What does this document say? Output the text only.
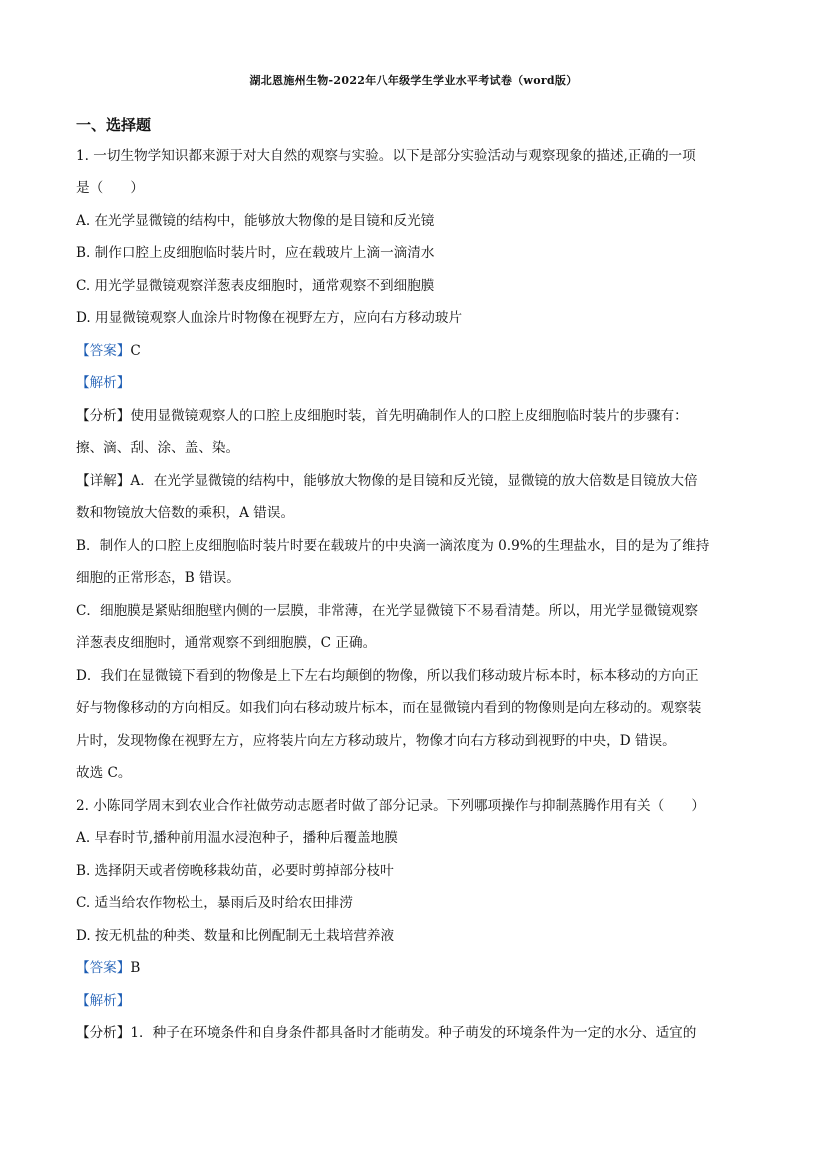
湖北恩施州生物-2022年八年级学生学业水平考试卷（word版）
一、选择题
1. 一切生物学知识都来源于对大自然的观察与实验。以下是部分实验活动与观察现象的描述,正确的一项
是（　　）
A. 在光学显微镜的结构中，能够放大物像的是目镜和反光镜
B. 制作口腔上皮细胞临时装片时，应在载玻片上滴一滴清水
C. 用光学显微镜观察洋葱表皮细胞时，通常观察不到细胞膜
D. 用显微镜观察人血涂片时物像在视野左方，应向右方移动玻片
【答案】C
【解析】
【分析】使用显微镜观察人的口腔上皮细胞时装，首先明确制作人的口腔上皮细胞临时装片的步骤有：
擦、滴、刮、涂、盖、染。
【详解】A．在光学显微镜的结构中，能够放大物像的是目镜和反光镜，显微镜的放大倍数是目镜放大倍
数和物镜放大倍数的乘积，A 错误。
B．制作人的口腔上皮细胞临时装片时要在载玻片的中央滴一滴浓度为 0.9%的生理盐水，目的是为了维持
细胞的正常形态，B 错误。
C．细胞膜是紧贴细胞壁内侧的一层膜，非常薄，在光学显微镜下不易看清楚。所以，用光学显微镜观察
洋葱表皮细胞时，通常观察不到细胞膜，C 正确。
D．我们在显微镜下看到的物像是上下左右均颠倒的物像，所以我们移动玻片标本时，标本移动的方向正
好与物像移动的方向相反。如我们向右移动玻片标本，而在显微镜内看到的物像则是向左移动的。观察装
片时，发现物像在视野左方，应将装片向左方移动玻片，物像才向右方移动到视野的中央，D 错误。
故选 C。
2. 小陈同学周末到农业合作社做劳动志愿者时做了部分记录。下列哪项操作与抑制蒸腾作用有关（　　）
A. 早春时节,播种前用温水浸泡种子，播种后覆盖地膜
B. 选择阴天或者傍晚移栽幼苗，必要时剪掉部分枝叶
C. 适当给农作物松土，暴雨后及时给农田排涝
D. 按无机盐的种类、数量和比例配制无土栽培营养液
【答案】B
【解析】
【分析】1．种子在环境条件和自身条件都具备时才能萌发。种子萌发的环境条件为一定的水分、适宜的
